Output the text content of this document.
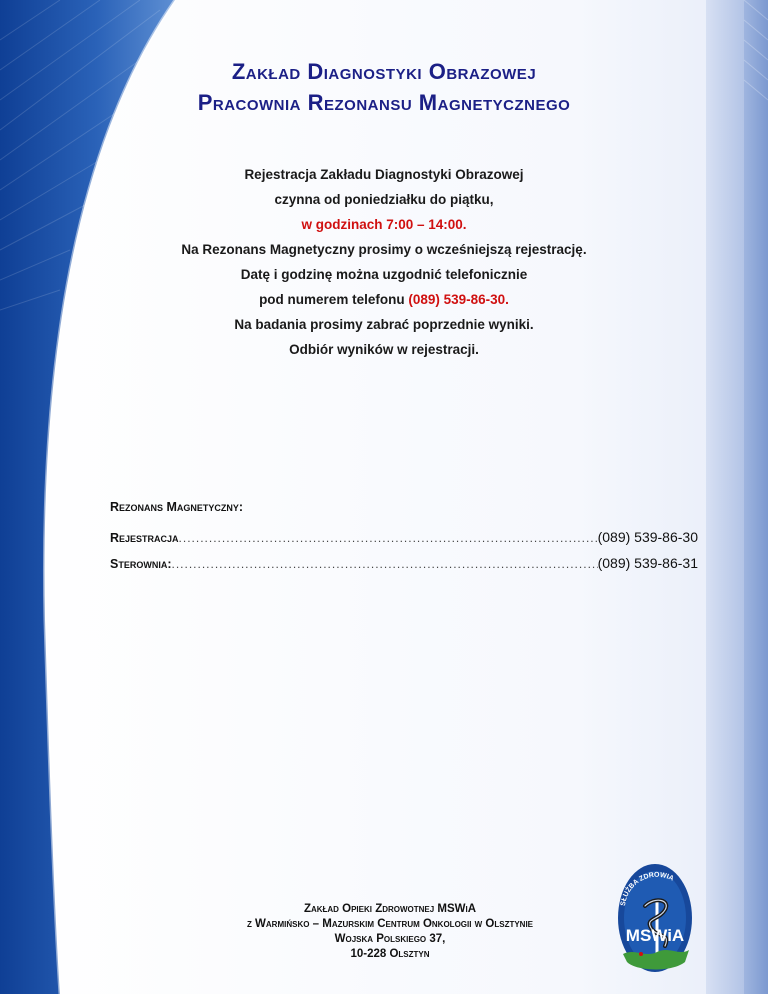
Zakład Diagnostyki Obrazowej

Pracownia Rezonansu Magnetycznego

Rejestracja Zakładu Diagnostyki Obrazowej

czynna od poniedziałku do piątku,

w godzinach 7:00 – 14:00.

Na Rezonans Magnetyczny prosimy o wcześniejszą rejestrację.

Datę i godzinę można uzgodnić telefonicznie

pod numerem telefonu (089) 539-86-30.

Na badania prosimy zabrać poprzednie wyniki.

Odbiór wyników w rejestracji.

Rezonans Magnetyczny:

Rejestracja .....	(089) 539-86-30
Sterownia: .....	(089) 539-86-31

Zakład Opieki Zdrowotnej MSWiA

z Warmińsko – Mazurskim Centrum Onkologii w Olsztynie

Wojska Polskiego 37,

10-228 Olsztyn

SŁUŻBA ZDROWIA
MSWiA
